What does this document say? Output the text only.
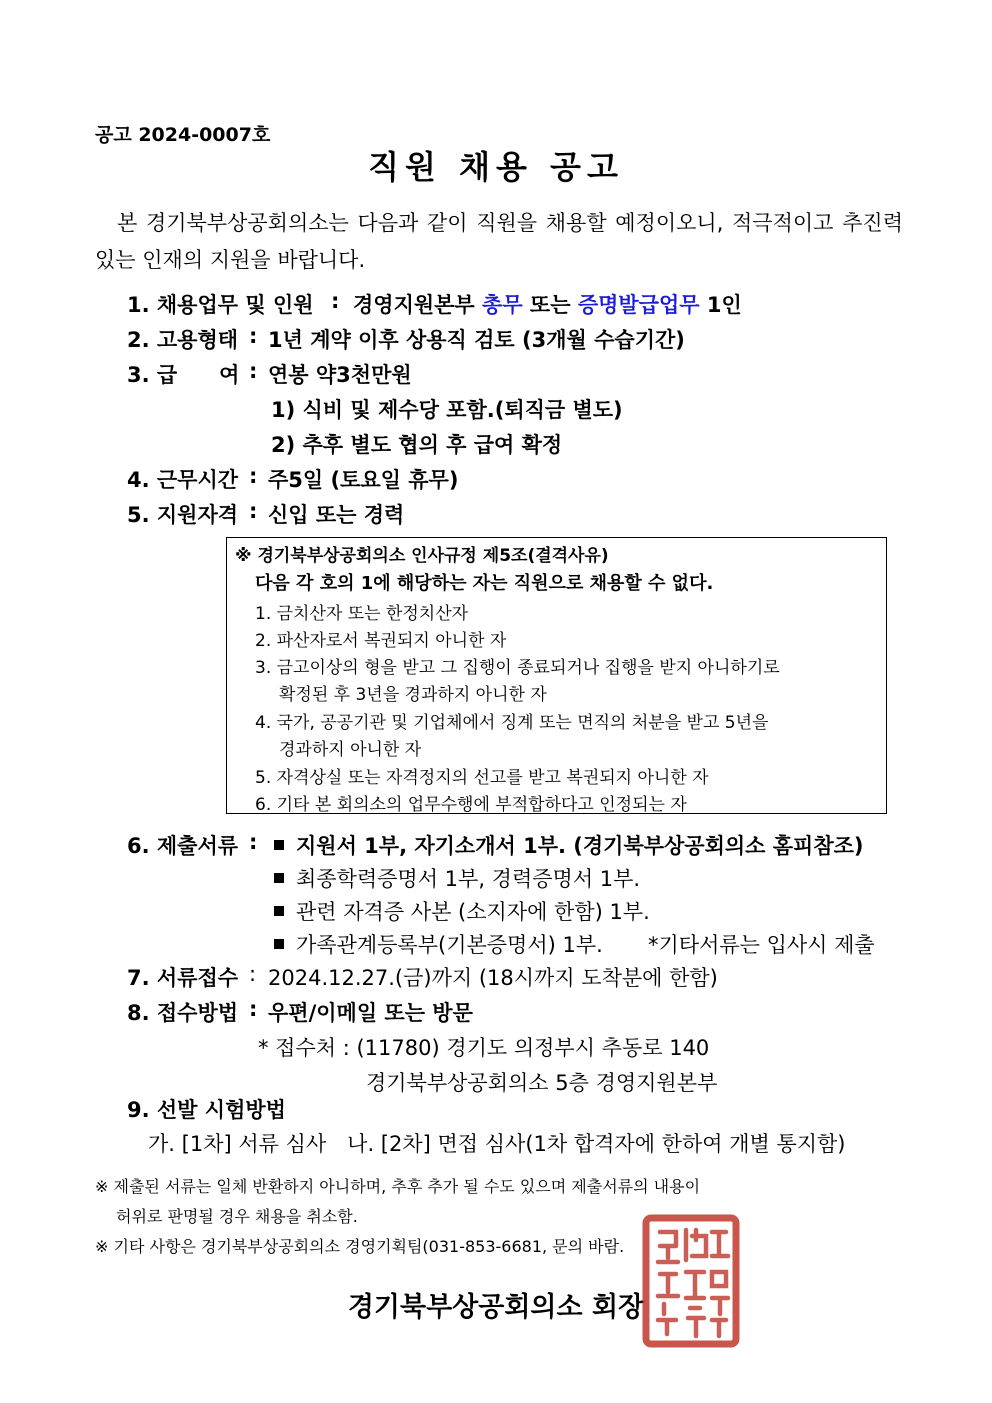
공고 2024-0007호
직원 채용 공고
본 경기북부상공회의소는 다음과 같이 직원을 채용할 예정이오니, 적극적이고 추진력 있는 인재의 지원을 바랍니다.
1. 채용업무 및 인원 : 경영지원본부 총무 또는 증명발급업무 1인
2. 고용형태 : 1년 계약 이후 상용직 검토 (3개월 수습기간)
3. 급　　여 : 연봉 약3천만원
1) 식비 및 제수당 포함.(퇴직금 별도)
2) 추후 별도 협의 후 급여 확정
4. 근무시간 : 주5일 (토요일 휴무)
5. 지원자격 : 신입 또는 경력
※ 경기북부상공회의소 인사규정 제5조(결격사유)
다음 각 호의 1에 해당하는 자는 직원으로 채용할 수 없다.
1. 금치산자 또는 한정치산자
2. 파산자로서 복권되지 아니한 자
3. 금고이상의 형을 받고 그 집행이 종료되거나 집행을 받지 아니하기로
확정된 후 3년을 경과하지 아니한 자
4. 국가, 공공기관 및 기업체에서 징계 또는 면직의 처분을 받고 5년을
경과하지 아니한 자
5. 자격상실 또는 자격정지의 선고를 받고 복권되지 아니한 자
6. 기타 본 회의소의 업무수행에 부적합하다고 인정되는 자
6. 제출서류 :	지원서 1부, 자기소개서 1부. (경기북부상공회의소 홈피참조)
최종학력증명서 1부, 경력증명서 1부.
관련 자격증 사본 (소지자에 한함) 1부.
가족관계등록부(기본증명서) 1부. *기타서류는 입사시 제출
7. 서류접수 : 2024.12.27.(금)까지 (18시까지 도착분에 한함)
8. 접수방법 : 우편/이메일 또는 방문
* 접수처 : (11780) 경기도 의정부시 추동로 140
경기북부상공회의소 5층 경영지원본부
9. 선발 시험방법
가. [1차] 서류 심사　나. [2차] 면접 심사(1차 합격자에 한하여 개별 통지함)
※ 제출된 서류는 일체 반환하지 아니하며, 추후 추가 될 수도 있으며 제출서류의 내용이
허위로 판명될 경우 채용을 취소함.
※ 기타 사항은 경기북부상공회의소 경영기획팀(031-853-6681, 문의 바람.
경기북부상공회의소 회장
